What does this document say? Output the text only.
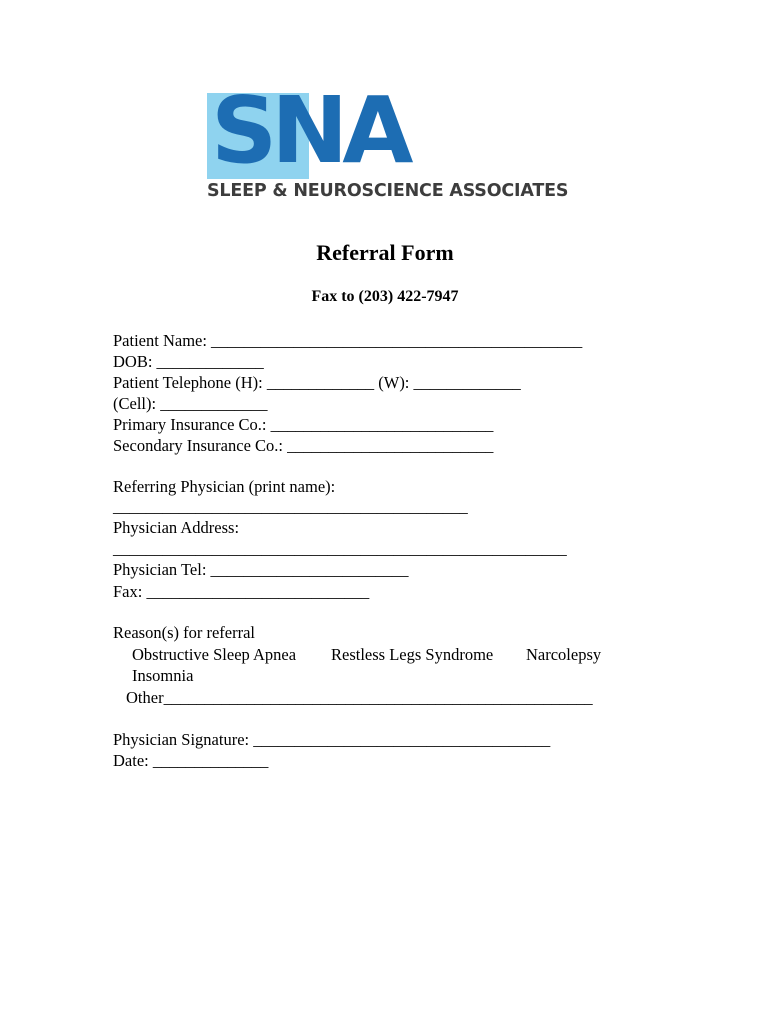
SNA
SLEEP & NEUROSCIENCE ASSOCIATES
Referral Form
Fax to (203) 422-7947
Patient Name: _____________________________________________
DOB: _____________
Patient Telephone (H): _____________ (W): _____________
(Cell): _____________
Primary Insurance Co.: ___________________________
Secondary Insurance Co.: _________________________
Referring Physician (print name):
___________________________________________
Physician Address:
_______________________________________________________
Physician Tel: ________________________
Fax: ___________________________
Reason(s) for referral
Obstructive Sleep Apnea Restless Legs Syndrome Narcolepsy
Insomnia
Other____________________________________________________
Physician Signature: ____________________________________
Date: ______________
